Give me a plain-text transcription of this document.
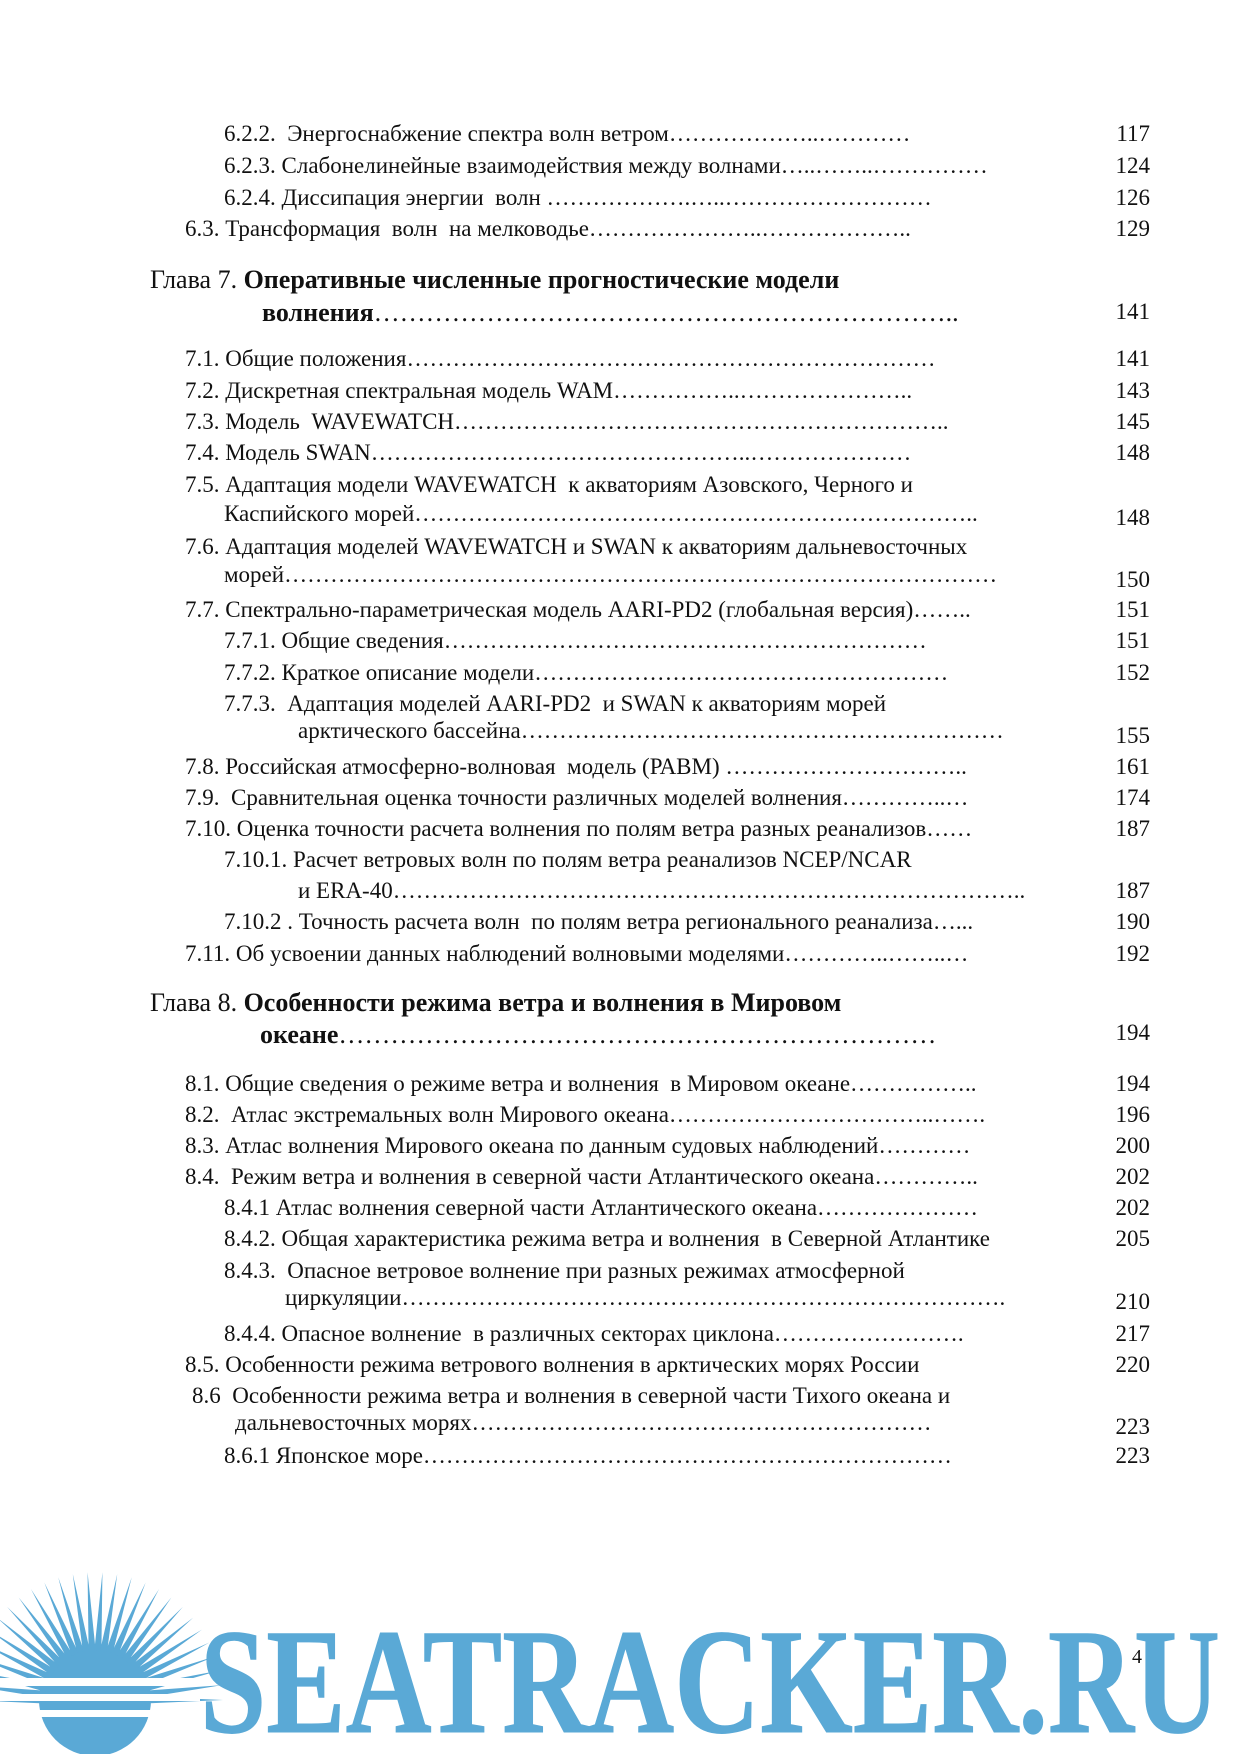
6.2.2.  Энергоснабжение спектра волн ветром………………..…………	117
6.2.3. Слабонелинейные взаимодействия между волнами…..……..……………	124
6.2.4. Диссипация энергии  волн ……………….…..………………………	126
6.3. Трансформация  волн  на мелководье…………………..………………..	129
Глава 7. Оперативные численные прогностические модели
волнения…………………………………………………………..	141
7.1. Общие положения……………………………………………………………	141
7.2. Дискретная спектральная модель WAM……………..…………………..	143
7.3. Модель  WAVEWATCH………………………………………………………..	145
7.4. Модель SWAN…………………………………………..…………………	148
7.5. Адаптация модели WAVEWATCH  к акваториям Азовского, Черного и
Каспийского морей………………………………………………………………..	148
7.6. Адаптация моделей WAVEWATCH и SWAN к акваториям дальневосточных
морей…………………………………………………………………………………	150
7.7. Спектрально-параметрическая модель AARI-PD2 (глобальная версия)……..	151
7.7.1. Общие сведения………………………………………………………	151
7.7.2. Краткое описание модели………………………………………………	152
7.7.3.  Адаптация моделей AARI-PD2  и SWAN к акваториям морей
арктического бассейна………………………………………………………	155
7.8. Российская атмосферно-волновая  модель (РАВМ) …………………………..	161
7.9.  Сравнительная оценка точности различных моделей волнения…………..…	174
7.10. Оценка точности расчета волнения по полям ветра разных реанализов……	187
7.10.1. Расчет ветровых волн по полям ветра реанализов NCEP/NCAR
и ERA-40………………………………………………………………………..	187
7.10.2 . Точность расчета волн  по полям ветра регионального реанализа…...	190
7.11. Об усвоении данных наблюдений волновыми моделями…………..……..…	192
Глава 8. Особенности режима ветра и волнения в Мировом
океане……………………………………………………………	194
8.1. Общие сведения о режиме ветра и волнения  в Мировом океане……………..	194
8.2.  Атлас экстремальных волн Мирового океана……………………………..…….	196
8.3. Атлас волнения Мирового океана по данным судовых наблюдений…………	200
8.4.  Режим ветра и волнения в северной части Атлантического океана…………..	202
8.4.1 Атлас волнения северной части Атлантического океана…………………	202
8.4.2. Общая характеристика режима ветра и волнения  в Северной Атлантике	205
8.4.3.  Опасное ветровое волнение при разных режимах атмосферной
циркуляции…………………………………………………………………….	210
8.4.4. Опасное волнение  в различных секторах циклона…………………….	217
8.5. Особенности режима ветрового волнения в арктических морях России	220
8.6  Особенности режима ветра и волнения в северной части Тихого океана и
дальневосточных морях……………………………………………………	223
8.6.1 Японское море……………………………………………………………	223
SEATRACKER.RU
4
